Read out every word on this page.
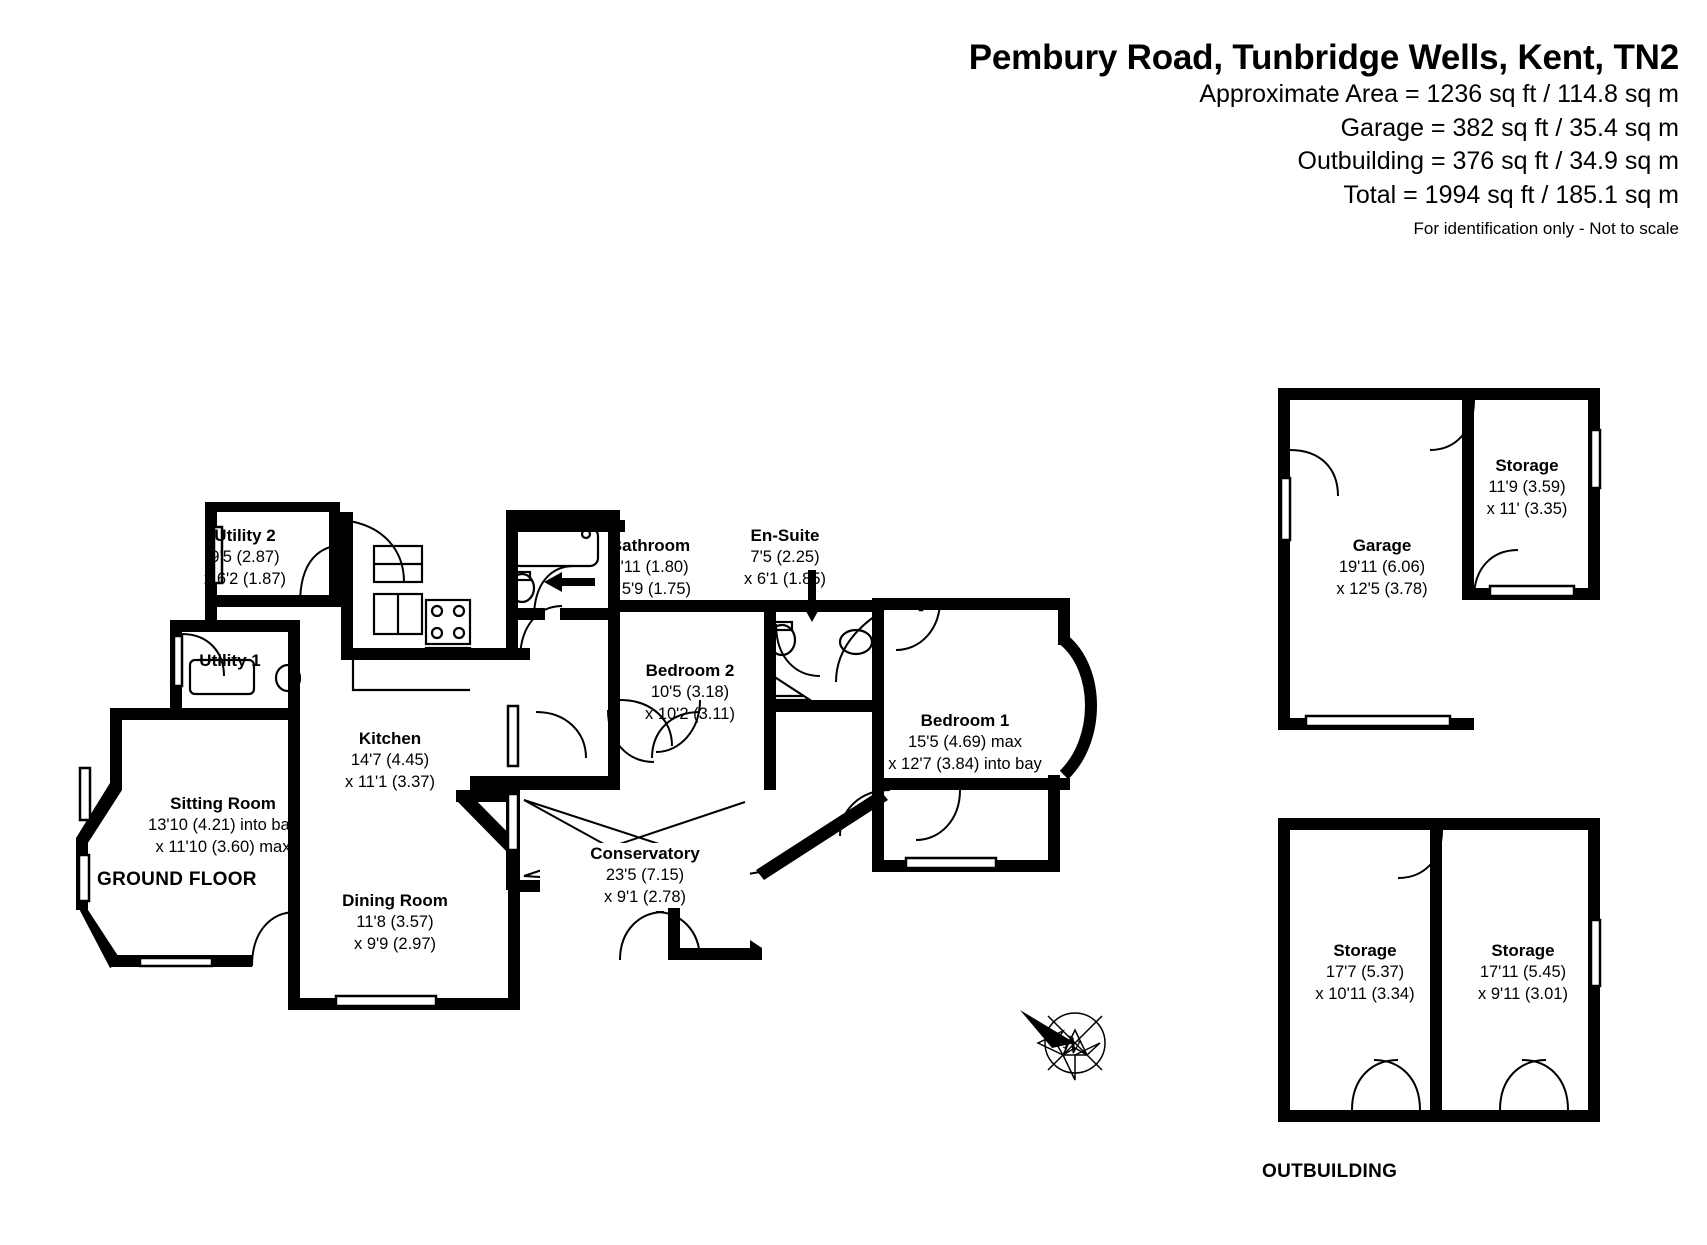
Pembury Road, Tunbridge Wells, Kent, TN2
Approximate Area = 1236 sq ft / 114.8 sq m
Garage = 382 sq ft / 35.4 sq m
Outbuilding = 376 sq ft / 34.9 sq m
Total = 1994 sq ft / 185.1 sq m
For identification only - Not to scale
N
GROUND FLOOR
OUTBUILDING
Utility 2
9'5 (2.87)
x 6'2 (1.87)
Utility 1
Bathroom
5'11 (1.80)
x 5'9 (1.75)
En-Suite
7'5 (2.25)
x 6'1 (1.85)
Bedroom 2
10'5 (3.18)
x 10'2 (3.11)	Bedroom 1
15'5 (4.69) max
x 12'7 (3.84) into bay
Kitchen
14'7 (4.45)
x 11'1 (3.37)
Sitting Room
13'10 (4.21) into bay
x 11'10 (3.60) max
Dining Room
11'8 (3.57)
x 9'9 (2.97)
Conservatory
23'5 (7.15)
x 9'1 (2.78)
Garage
19'11 (6.06)
x 12'5 (3.78)
Storage
11'9 (3.59)
x 11' (3.35)
Storage
17'7 (5.37)
x 10'11 (3.34)
Storage
17'11 (5.45)
x 9'11 (3.01)
